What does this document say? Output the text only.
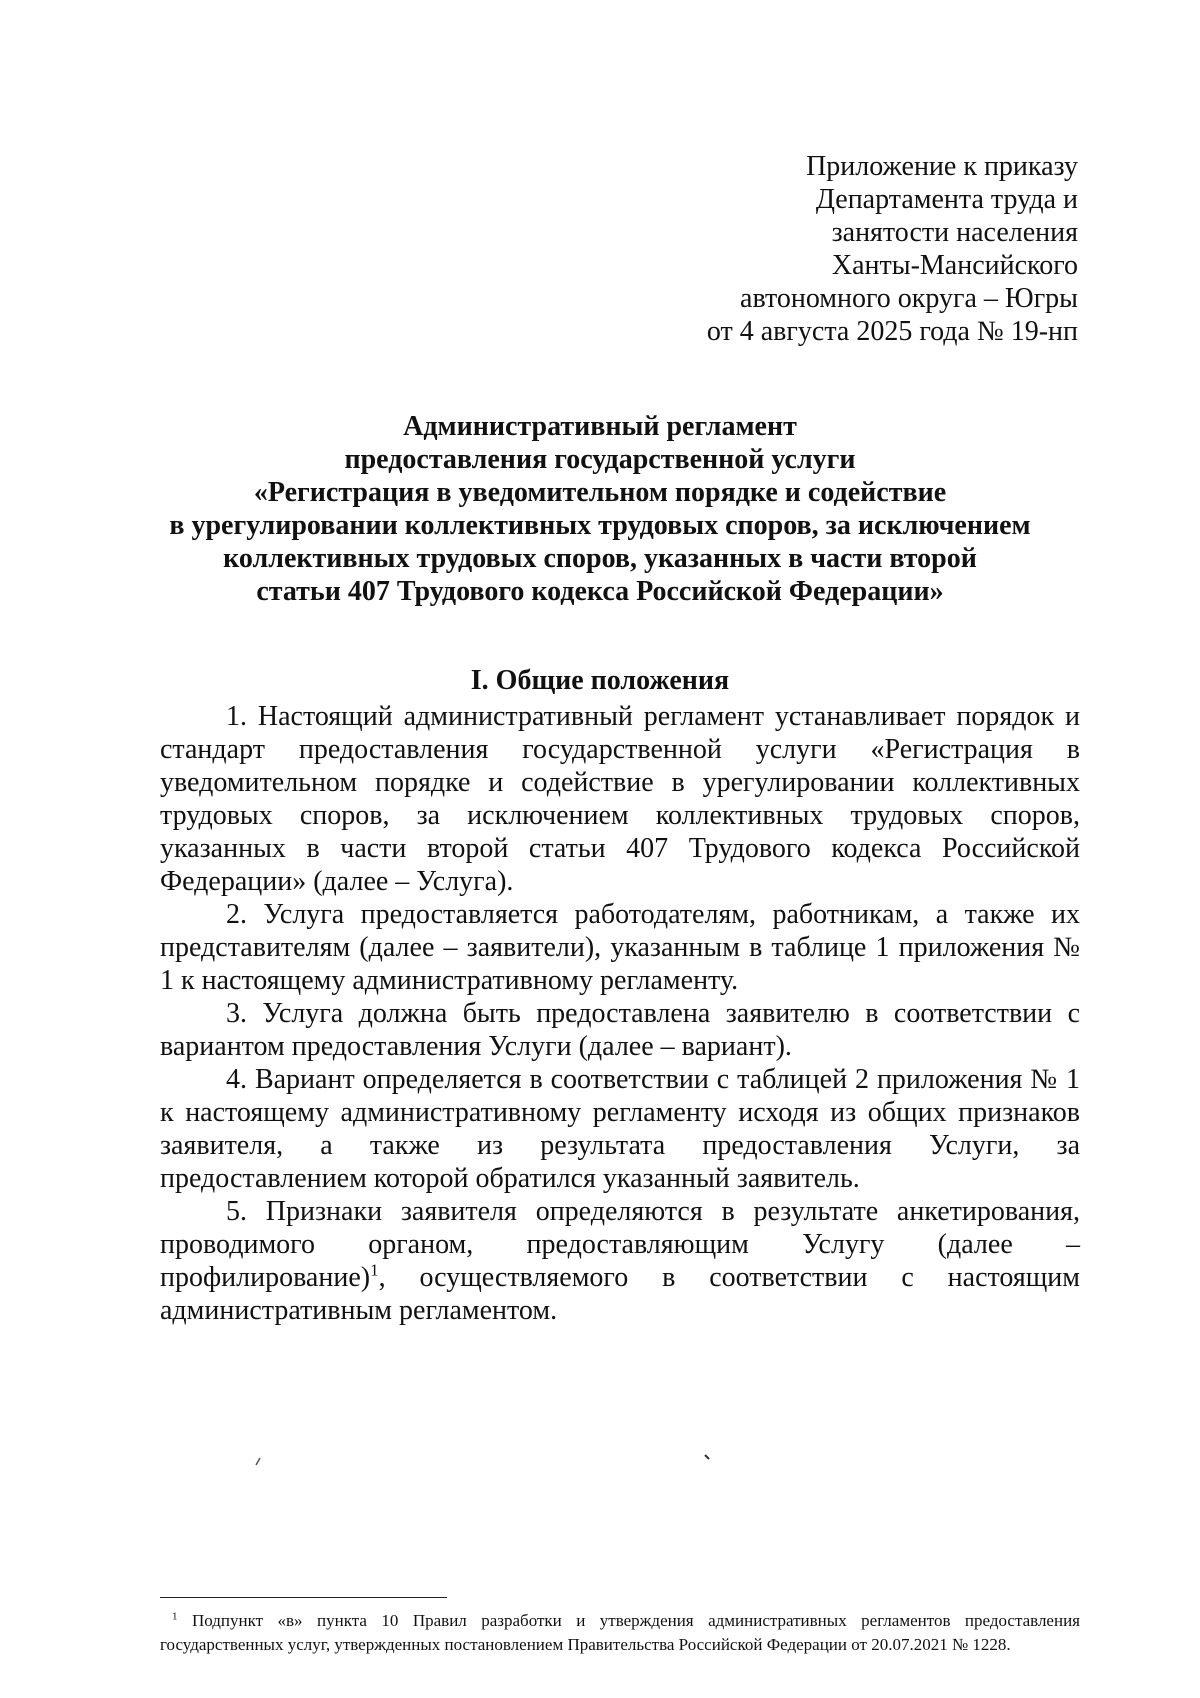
Приложение к приказу
Департамента труда и
занятости населения
Ханты-Мансийского
автономного округа – Югры
от 4 августа 2025 года № 19-нп
Административный регламент
предоставления государственной услуги
«Регистрация в уведомительном порядке и содействие
в урегулировании коллективных трудовых споров, за исключением
коллективных трудовых споров, указанных в части второй
статьи 407 Трудового кодекса Российской Федерации»
I. Общие положения

1. Настоящий административный регламент устанавливает порядок и стандарт предоставления государственной услуги «Регистрация в уведомительном порядке и содействие в урегулировании коллективных трудовых споров, за исключением коллективных трудовых споров, указанных в части второй статьи 407 Трудового кодекса Российской Федерации» (далее – Услуга).

2. Услуга предоставляется работодателям, работникам, а также их представителям (далее – заявители), указанным в таблице 1 приложения № 1 к настоящему административному регламенту.

3. Услуга должна быть предоставлена заявителю в соответствии с вариантом предоставления Услуги (далее – вариант).

4. Вариант определяется в соответствии с таблицей 2 приложения № 1 к настоящему административному регламенту исходя из общих признаков заявителя, а также из результата предоставления Услуги, за предоставлением которой обратился указанный заявитель.

5. Признаки заявителя определяются в результате анкетирования, проводимого органом, предоставляющим Услугу (далее – профилирование)$^1$, осуществляемого в соответствии с настоящим административным регламентом.

$^1$ Подпункт «в» пункта 10 Правил разработки и утверждения административных регламентов предоставления государственных услуг, утвержденных постановлением Правительства Российской Федерации от 20.07.2021 № 1228.
